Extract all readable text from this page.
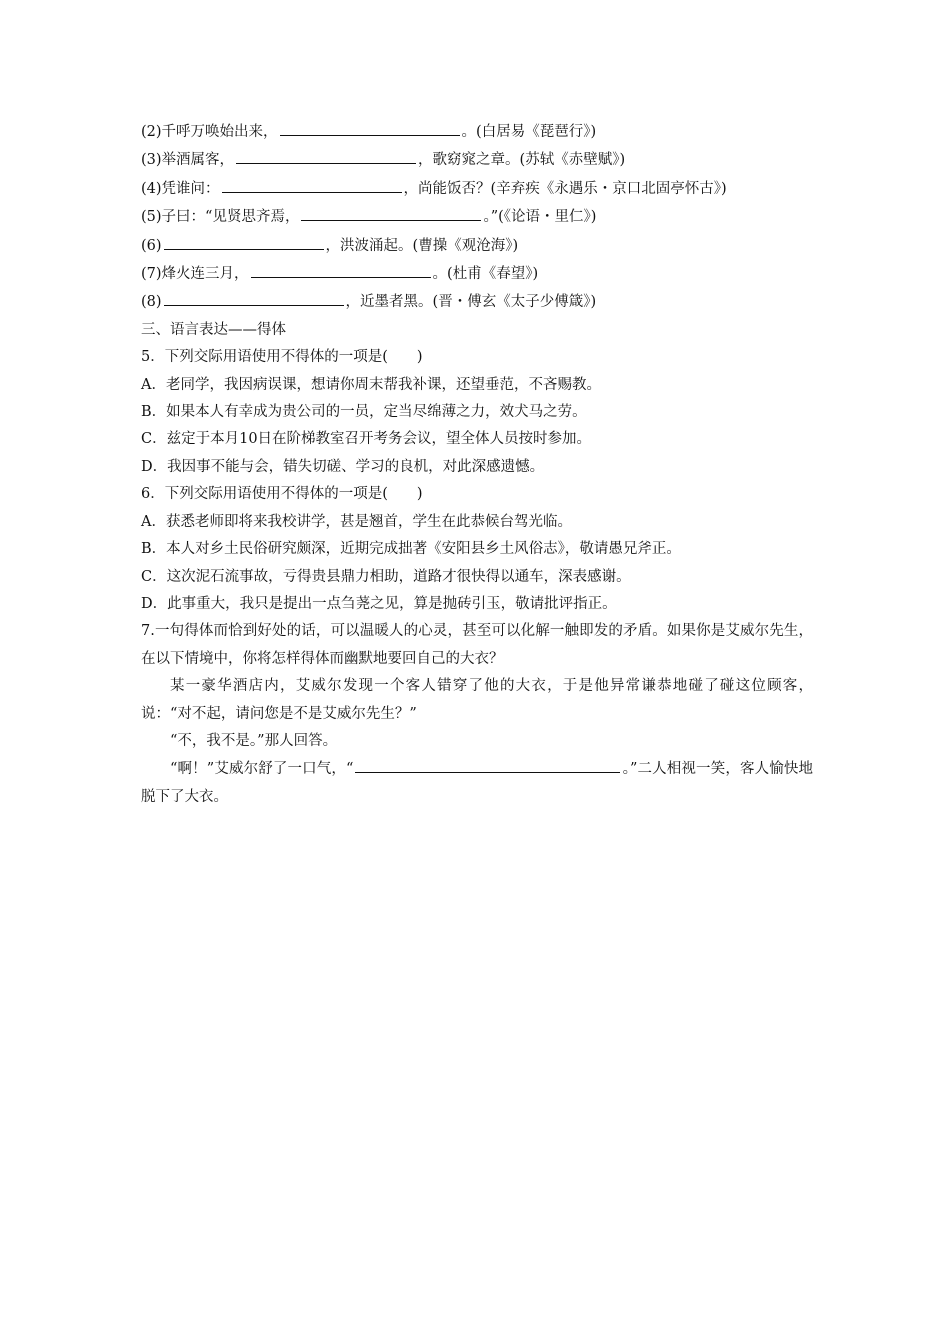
(2)千呼万唤始出来，	。(白居易《琵琶行》)
(3)举酒属客，	，歌窈窕之章。(苏轼《赤壁赋》)
(4)凭谁问：	，尚能饭否？(辛弃疾《永遇乐・京口北固亭怀古》)
(5)子曰：“见贤思齐焉，	。”(《论语・里仁》)
(6)	，洪波涌起。(曹操《观沧海》)
(7)烽火连三月，	。(杜甫《春望》)
(8)	，近墨者黑。(晋・傅玄《太子少傅箴》)
三、语言表达——得体
5．下列交际用语使用不得体的一项是(　　)
A．老同学，我因病误课，想请你周末帮我补课，还望垂范，不吝赐教。
B．如果本人有幸成为贵公司的一员，定当尽绵薄之力，效犬马之劳。
C．兹定于本月10日在阶梯教室召开考务会议，望全体人员按时参加。
D．我因事不能与会，错失切磋、学习的良机，对此深感遗憾。
6．下列交际用语使用不得体的一项是(　　)
A．获悉老师即将来我校讲学，甚是翘首，学生在此恭候台驾光临。
B．本人对乡土民俗研究颇深，近期完成拙著《安阳县乡土风俗志》，敬请愚兄斧正。
C．这次泥石流事故，亏得贵县鼎力相助，道路才很快得以通车，深表感谢。
D．此事重大，我只是提出一点刍荛之见，算是抛砖引玉，敬请批评指正。

7.一句得体而恰到好处的话，可以温暖人的心灵，甚至可以化解一触即发的矛盾。如果你是艾威尔先生，在以下情境中，你将怎样得体而幽默地要回自己的大衣？

某一豪华酒店内，艾威尔发现一个客人错穿了他的大衣，于是他异常谦恭地碰了碰这位顾客，说：“对不起，请问您是不是艾威尔先生？”

“不，我不是。”那人回答。

“啊！”艾威尔舒了一口气，“	。”二人相视一笑，客人愉快地脱下了大衣。
